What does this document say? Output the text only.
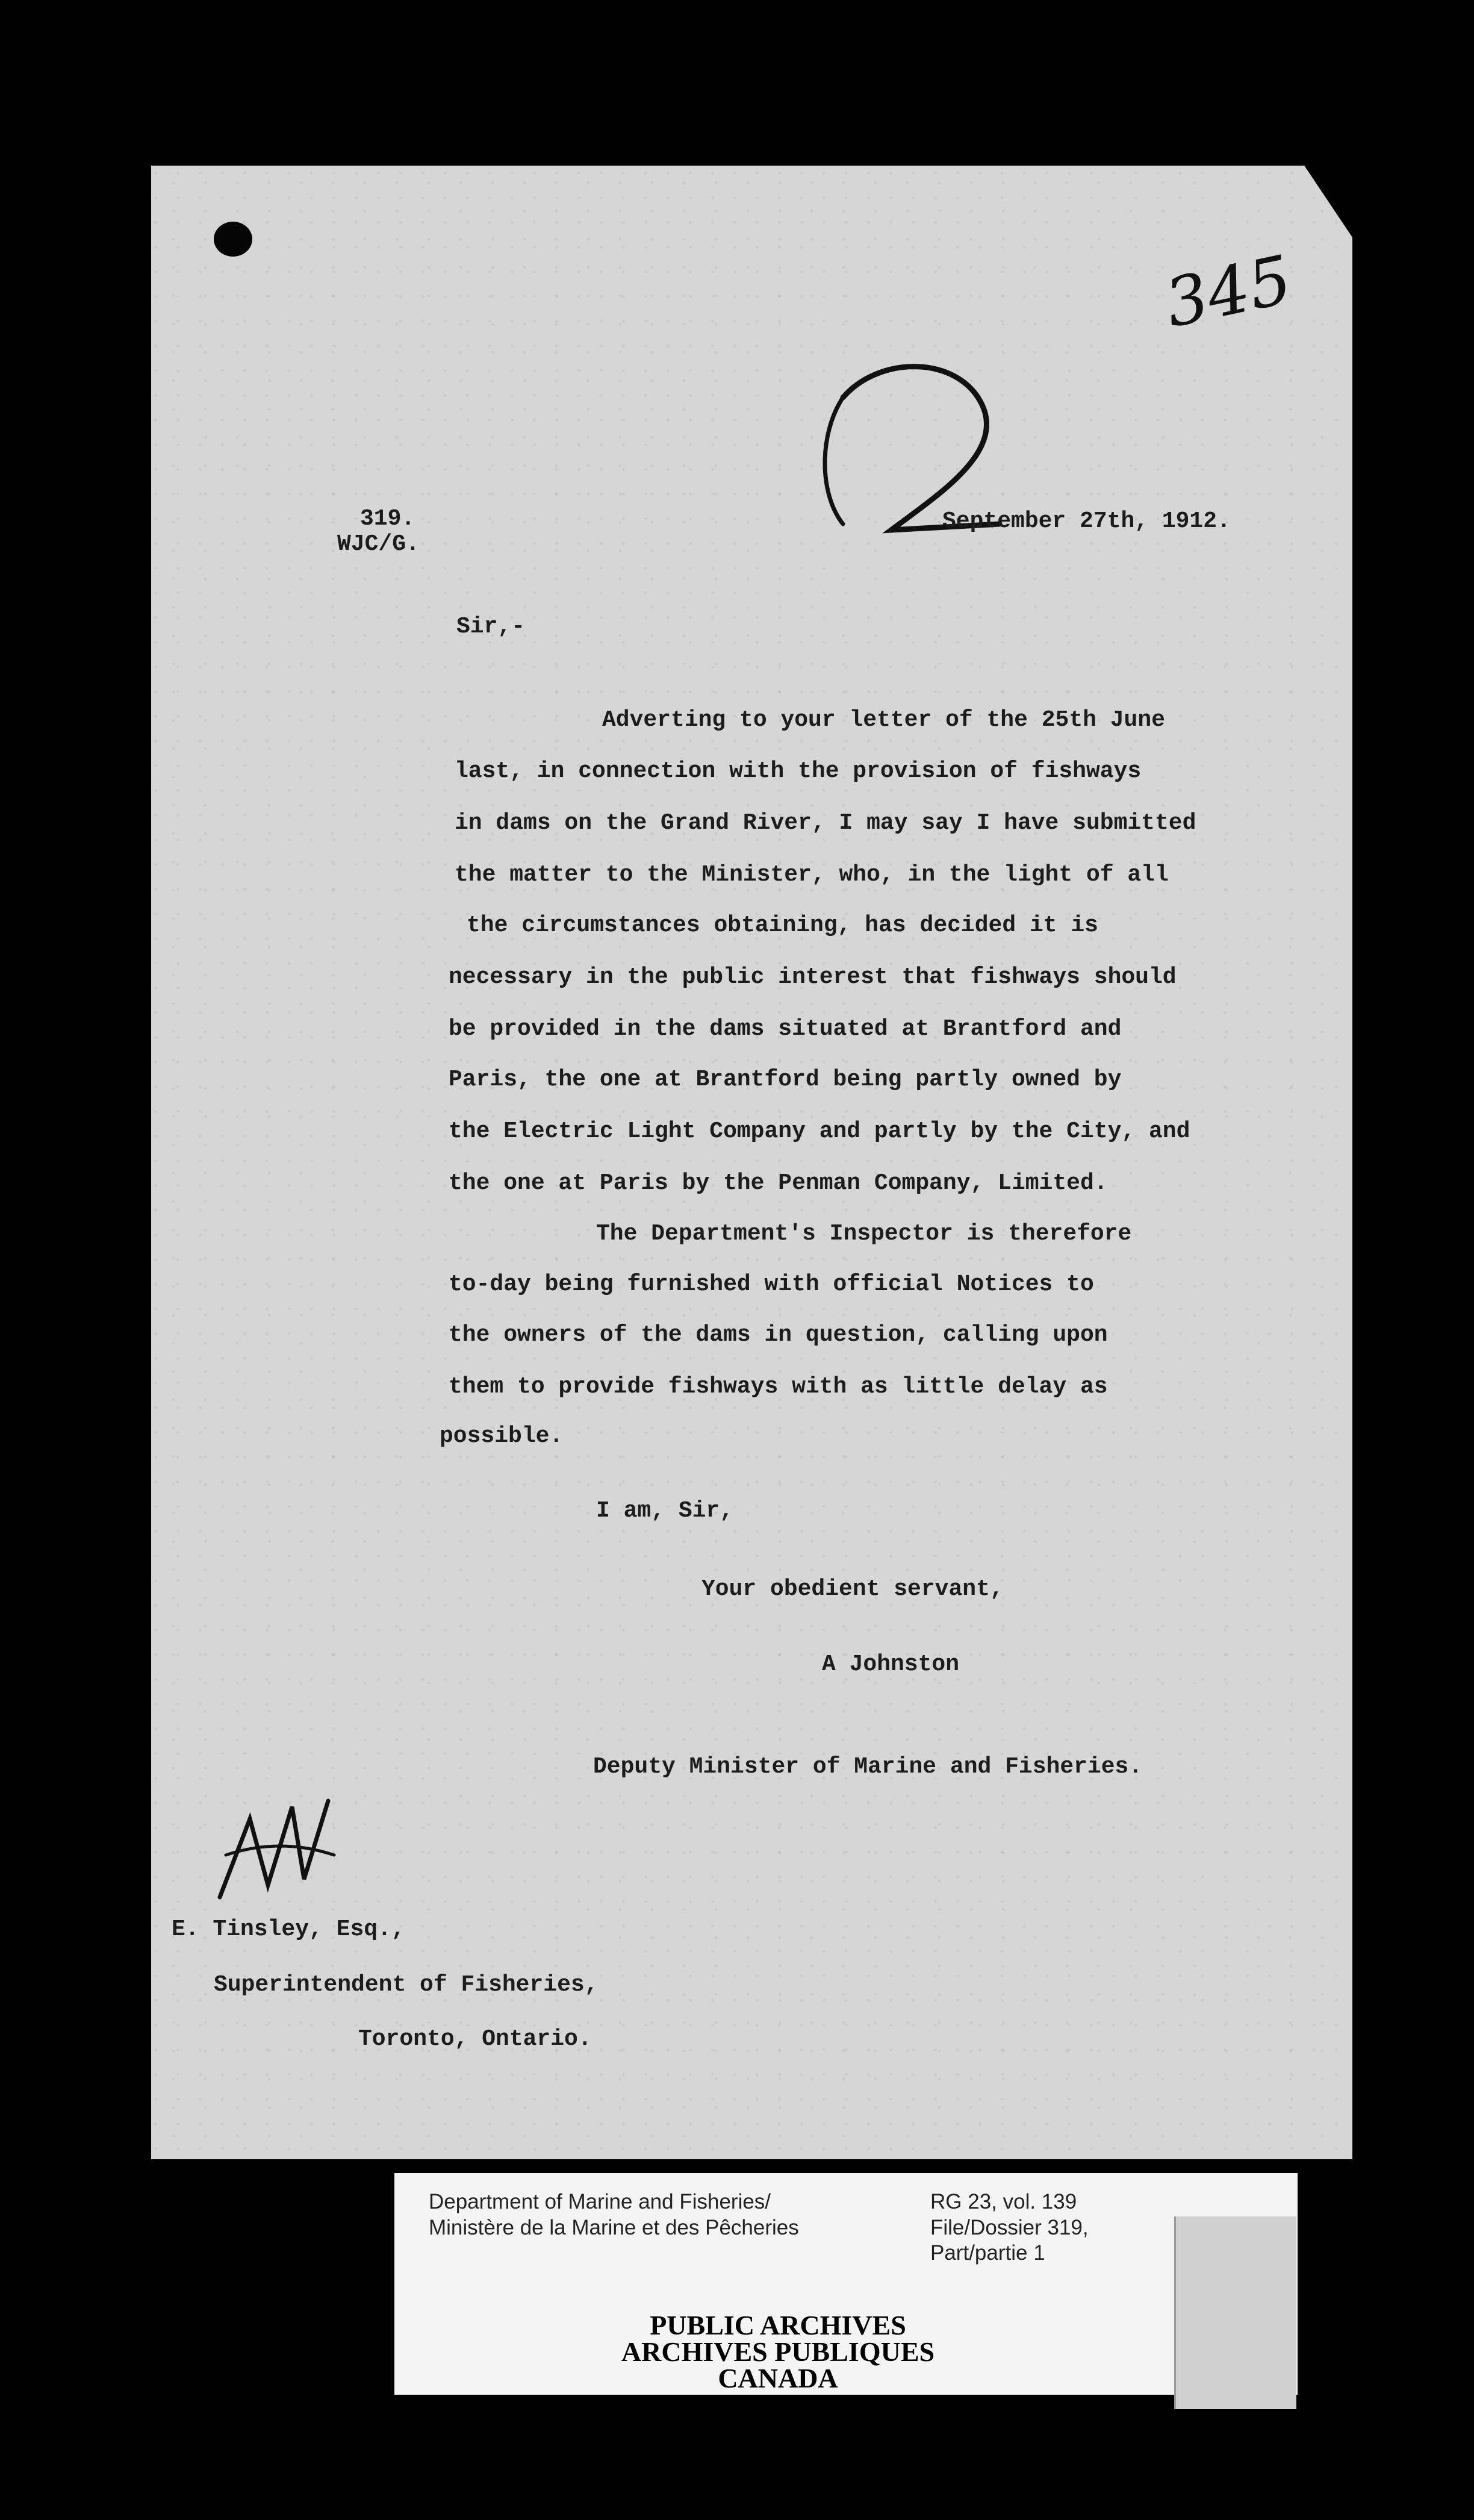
345
319.
WJC/G.
September 27th, 1912.
Sir,-
Adverting to your letter of the 25th June
last, in connection with the provision of fishways
in dams on the Grand River, I may say I have submitted
the matter to the Minister, who, in the light of all
the circumstances obtaining, has decided it is
necessary in the public interest that fishways should
be provided in the dams situated at Brantford and
Paris, the one at Brantford being partly owned by
the Electric Light Company and partly by the City, and
the one at Paris by the Penman Company, Limited.
The Department's Inspector is therefore
to-day being furnished with official Notices to
the owners of the dams in question, calling upon
them to provide fishways with as little delay as
possible.
I am, Sir,
Your obedient servant,
A Johnston
Deputy Minister of Marine and Fisheries.
E. Tinsley, Esq.,
Superintendent of Fisheries,
Toronto, Ontario.
Department of Marine and Fisheries/
Ministère de la Marine et des Pêcheries
RG 23, vol. 139
File/Dossier 319,
Part/partie 1
PUBLIC ARCHIVES
ARCHIVES PUBLIQUES
CANADA
